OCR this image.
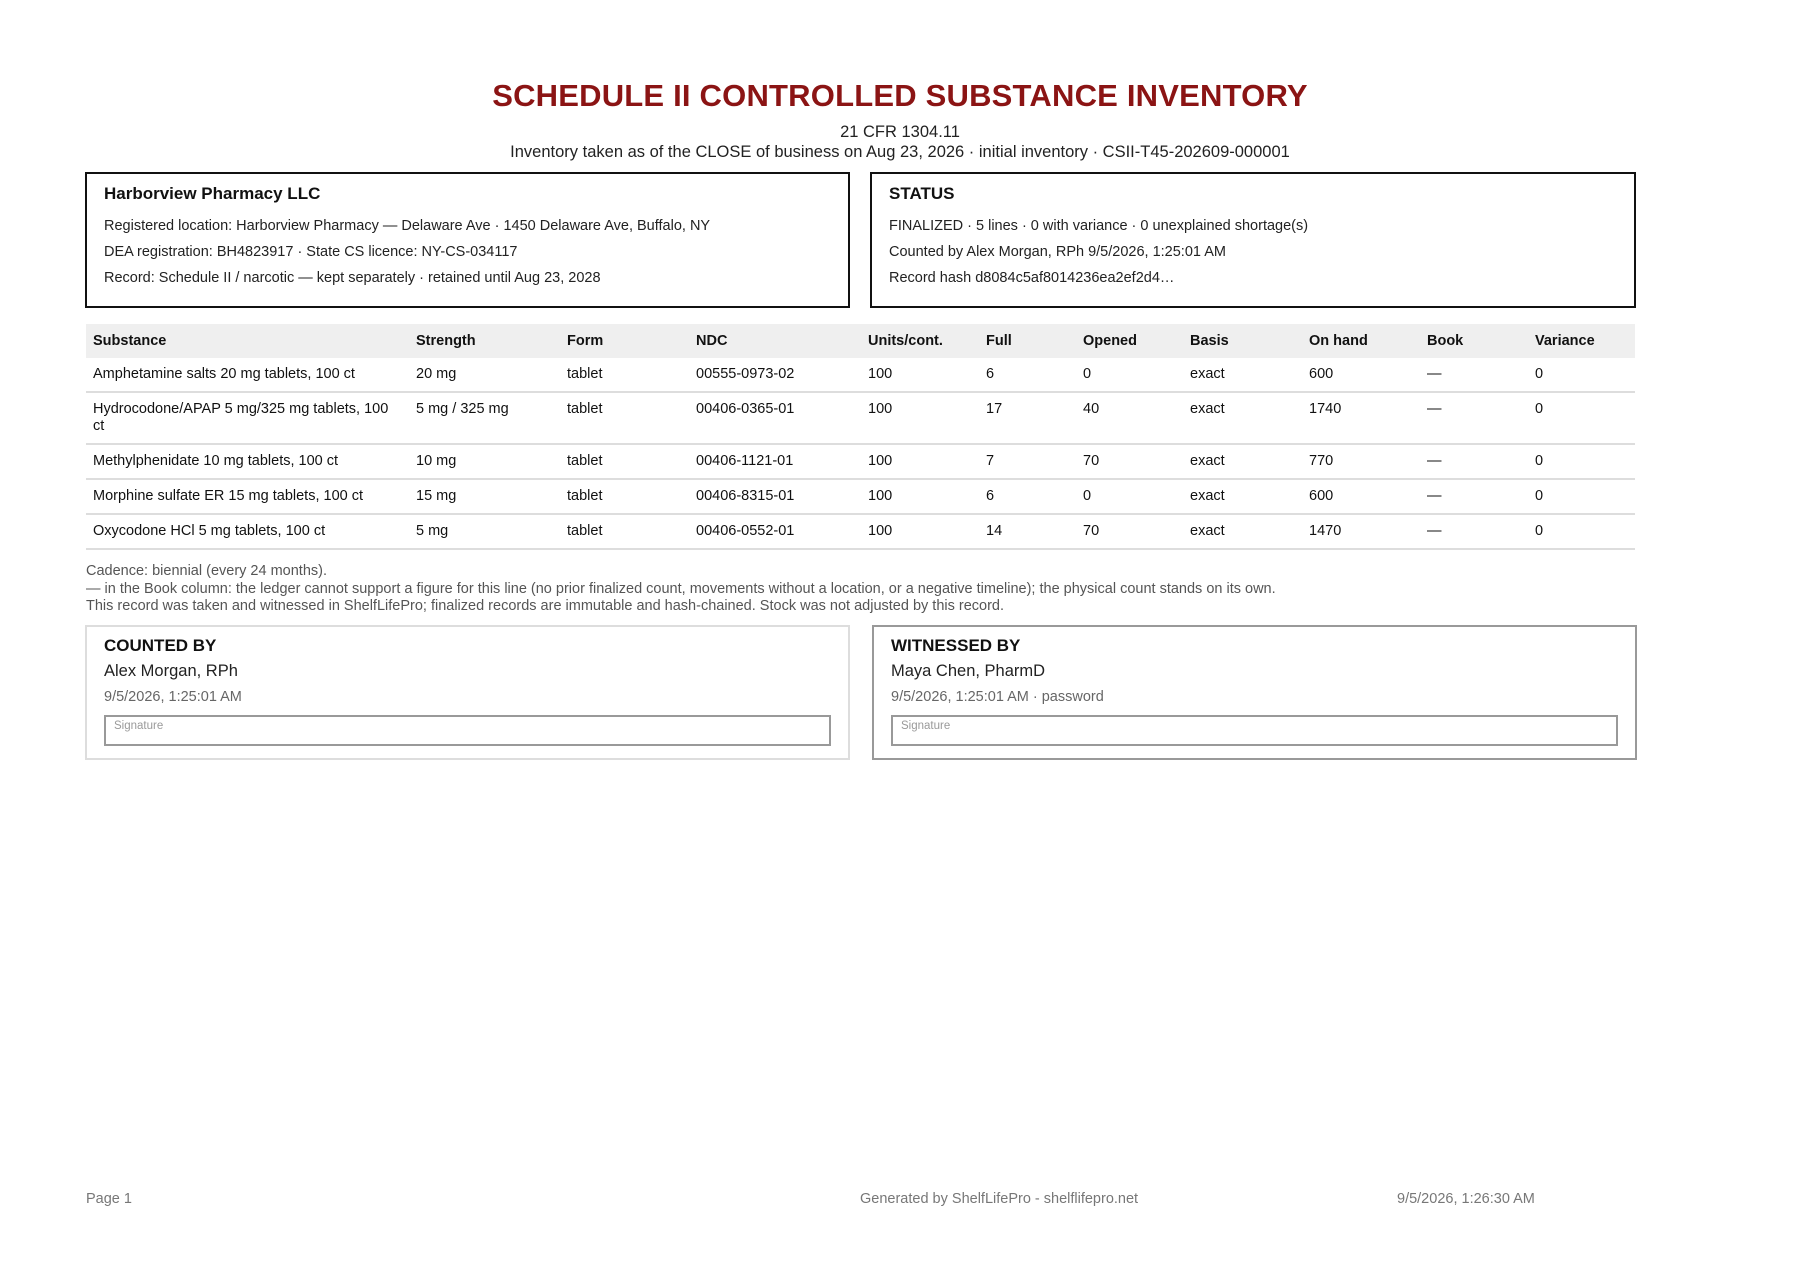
SCHEDULE II CONTROLLED SUBSTANCE INVENTORY
21 CFR 1304.11
Inventory taken as of the CLOSE of business on Aug 23, 2026 · initial inventory · CSII-T45-202609-000001
Harborview Pharmacy LLC
Registered location: Harborview Pharmacy — Delaware Ave · 1450 Delaware Ave, Buffalo, NY
DEA registration: BH4823917 · State CS licence: NY-CS-034117
Record: Schedule II / narcotic — kept separately · retained until Aug 23, 2028
STATUS
FINALIZED · 5 lines · 0 with variance · 0 unexplained shortage(s)
Counted by Alex Morgan, RPh 9/5/2026, 1:25:01 AM
Record hash d8084c5af8014236ea2ef2d4…
Substance	Strength	Form	NDC	Units/cont.	Full	Opened	Basis	On hand	Book	Variance
Amphetamine salts 20 mg tablets, 100 ct	20 mg	tablet	00555-0973-02	100	6	0	exact	600	—	0
Hydrocodone/APAP 5 mg/325 mg tablets, 100 ct	5 mg / 325 mg	tablet	00406-0365-01	100	17	40	exact	1740	—	0
Methylphenidate 10 mg tablets, 100 ct	10 mg	tablet	00406-1121-01	100	7	70	exact	770	—	0
Morphine sulfate ER 15 mg tablets, 100 ct	15 mg	tablet	00406-8315-01	100	6	0	exact	600	—	0
Oxycodone HCl 5 mg tablets, 100 ct	5 mg	tablet	00406-0552-01	100	14	70	exact	1470	—	0
Cadence: biennial (every 24 months).
— in the Book column: the ledger cannot support a figure for this line (no prior finalized count, movements without a location, or a negative timeline); the physical count stands on its own.
This record was taken and witnessed in ShelfLifePro; finalized records are immutable and hash-chained. Stock was not adjusted by this record.
COUNTED BY
Alex Morgan, RPh
9/5/2026, 1:25:01 AM
Signature
WITNESSED BY
Maya Chen, PharmD
9/5/2026, 1:25:01 AM · password
Signature
Page 1	Generated by ShelfLifePro - shelflifepro.net	9/5/2026, 1:26:30 AM
